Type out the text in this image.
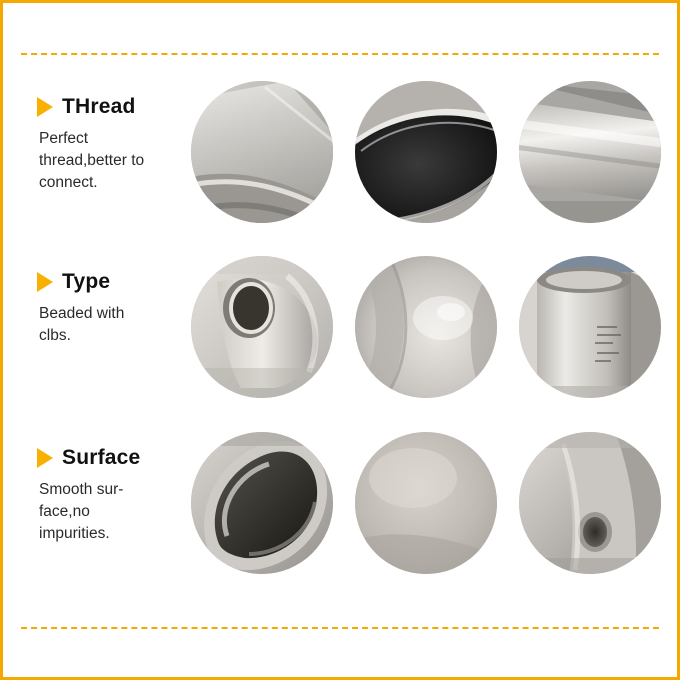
THread
Perfect thread,better to connect.
Type
Beaded with clbs.
Surface
Smooth sur-face,no impurities.
